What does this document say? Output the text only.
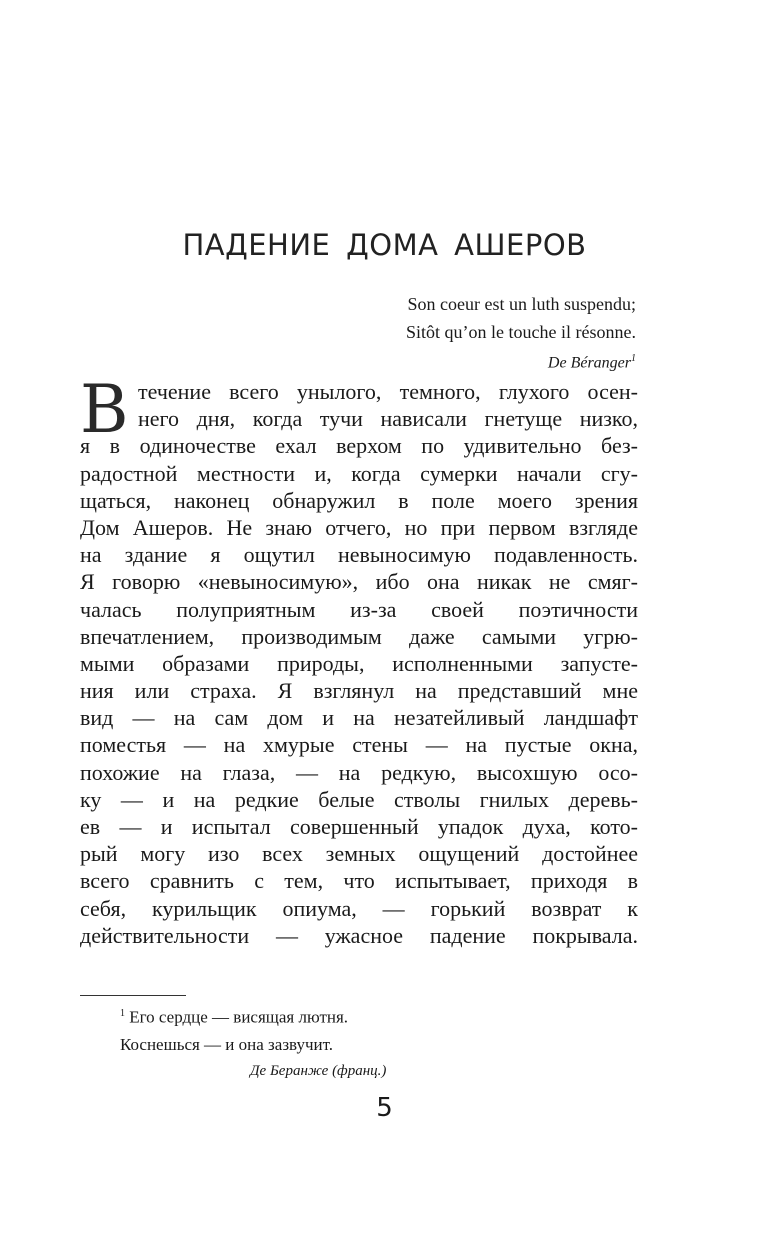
ПАДЕНИЕ ДОМА АШЕРОВ
Son coeur est un luth suspendu;
Sitôt qu’on le touche il résonne.
De Béranger$^1$
В течение всего унылого, темного, глухого осен-
него дня, когда тучи нависали гнетуще низко,
я в одиночестве ехал верхом по удивительно без-
радостной местности и, когда сумерки начали сгу-
щаться, наконец обнаружил в поле моего зрения
Дом Ашеров. Не знаю отчего, но при первом взгляде
на здание я ощутил невыносимую подавленность.
Я говорю «невыносимую», ибо она никак не смяг-
чалась полуприятным из-за своей поэтичности
впечатлением, производимым даже самыми угрю-
мыми образами природы, исполненными запусте-
ния или страха. Я взглянул на представший мне
вид — на сам дом и на незатейливый ландшафт
поместья — на хмурые стены — на пустые окна,
похожие на глаза, — на редкую, высохшую осо-
ку — и на редкие белые стволы гнилых деревь-
ев — и испытал совершенный упадок духа, кото-
рый могу изо всех земных ощущений достойнее
всего сравнить с тем, что испытывает, приходя в
себя, курильщик опиума, — горький возврат к
действительности — ужасное падение покрывала.
$^1$ Его сердце — висящая лютня.
Коснешься — и она зазвучит.
Де Беранже (франц.)
5
